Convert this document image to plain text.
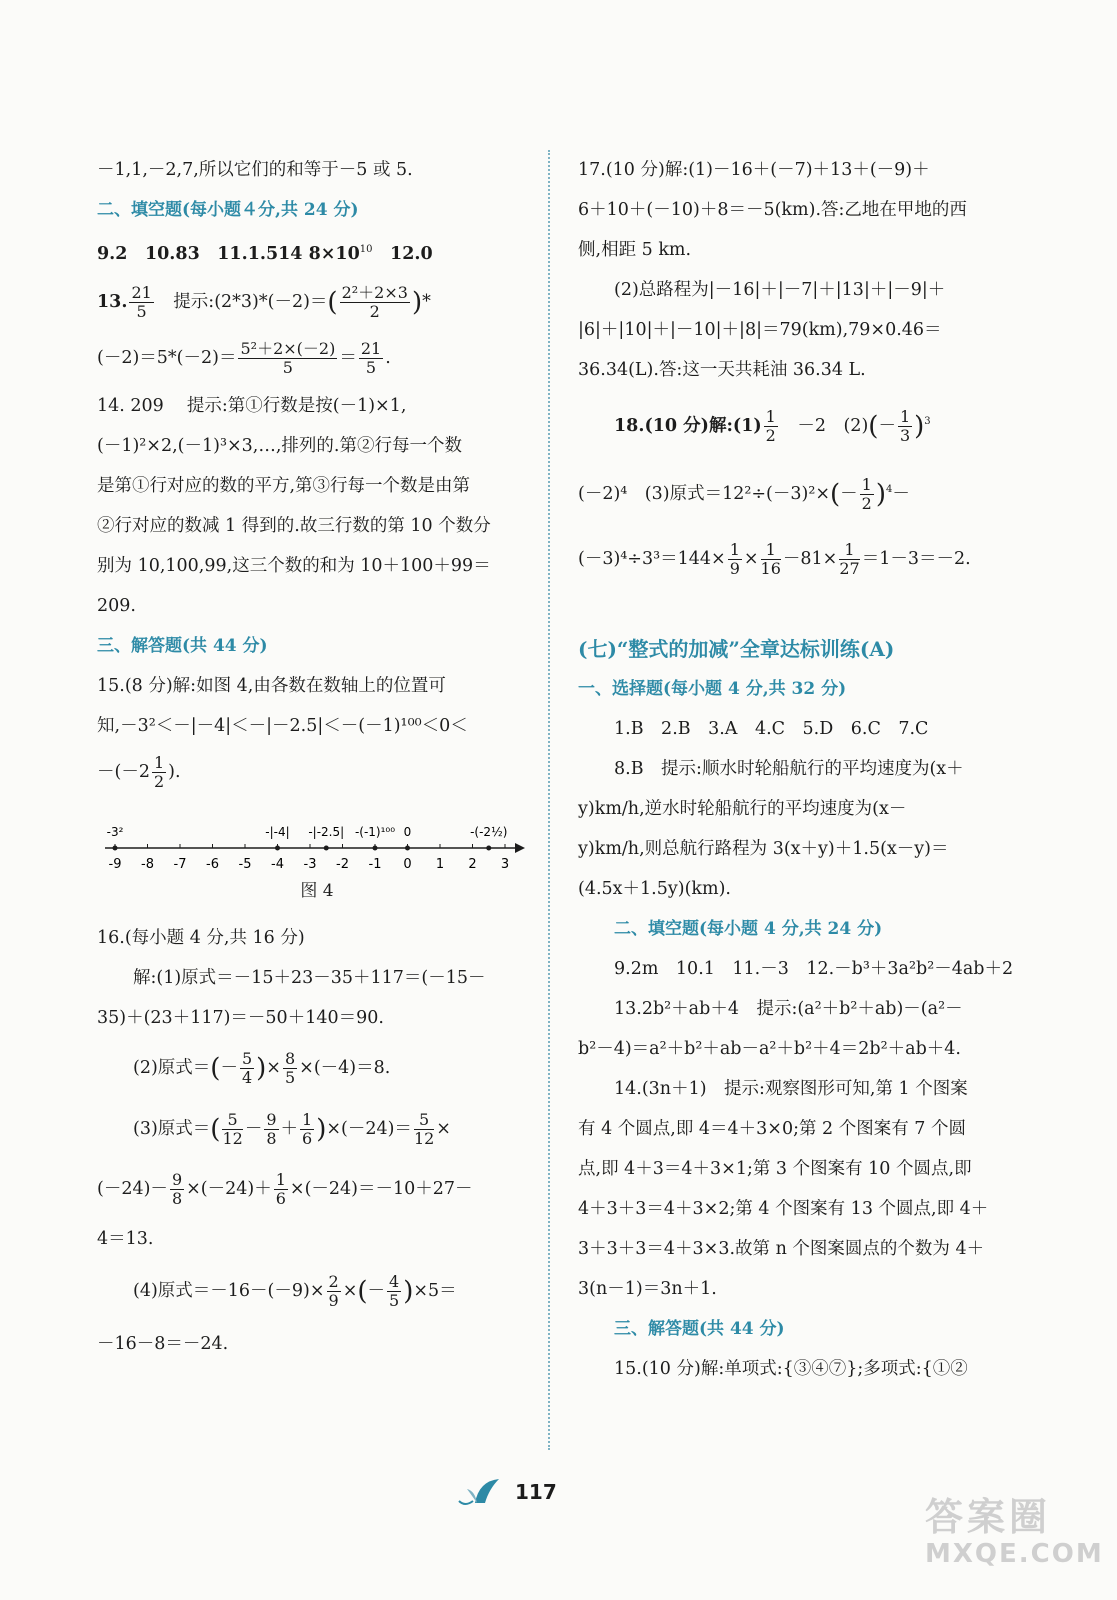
－1,1,－2,7,所以它们的和等于－5 或 5.

二、填空题(每小题４分,共 24 分)

9.2　10.83　11.1.514 $8\times 10^{10}$　12.0

13. $\frac{21}{5}$ 　提示:(2*3)*(－2)＝( $\frac{\text{2²＋2×3}}{2}$ )*

$(-2)=5*(-2)= \frac{\text{5²＋2×(－2)}}{5} = \frac{21}{5}$ .

14. 209　 提示:第①行数是按(－1)×1,

(－1)²×2,(－1)³×3,…,排列的.第②行每一个数

是第①行对应的数的平方,第③行每一个数是由第

②行对应的数减 1 得到的.故三行数的第 10 个数分

别为 10,100,99,这三个数的和为 10＋100＋99＝

209.

三、解答题(共 44 分)

15.(8 分)解:如图 4,由各数在数轴上的位置可

知,－3²＜－|－4|＜－|－2.5|＜－(－1)¹⁰⁰＜0＜

$-(-2 \frac{1}{2}$ ).

-9 -8 -7 -6 -5 -4 -3 -2 -1 0 1 2 3
-3²	-|-4| -|-2.5| -(-1)¹⁰⁰ 0	-(-2½)

图 4

16.(每小题 4 分,共 16 分)

解:(1)原式＝－15＋23－35＋117＝(－15－

35)＋(23＋117)＝－50＋140＝90.

(2)原式＝(－ $\frac{5}{4}$ )× $\frac{8}{5} \times(-4)=8$.

(3)原式＝( $\frac{5}{12} - \frac{9}{8} + \frac{1}{6} )\times(-24)= \frac{5}{12}$ ×

$(-24)- \frac{9}{8} \times(-24)+ \frac{1}{6} \times(-24)=-10+27-$

4＝13.

(4)原式$=-16-(-9)\times \frac{2}{9}$ ×(－ $\frac{4}{5} )\times 5=$

－16－8＝－24.

17.(10 分)解:(1)－16＋(－7)＋13＋(－9)＋

6＋10＋(－10)＋8＝－5(km).答:乙地在甲地的西

侧,相距 5 km.

(2)总路程为|－16|＋|－7|＋|13|＋|－9|＋

|6|＋|10|＋|－10|＋|8|＝79(km),79×0.46＝

36.34(L).答:这一天共耗油 36.34 L.

18.(10 分)解:(1) $\frac{1}{2}$ 　－2　$(2)(- \frac{1}{3} )^3$

(－2)⁴　(3)原式$=12^2\div(-3)^2\times(- \frac{1}{2} )^4-$

$(-3)^4\div 3^3=144\times \frac{1}{9} \times \frac{1}{16} -81\times \frac{1}{27} =1-3=-2$.

(七)“整式的加减”全章达标训练(A)

一、选择题(每小题 4 分,共 32 分)

1.B　2.B　3.A　4.C　5.D　6.C　7.C

8.B　提示:顺水时轮船航行的平均速度为(x＋

y)km/h,逆水时轮船航行的平均速度为(x－

y)km/h,则总航行路程为 3(x＋y)＋1.5(x－y)＝

(4.5x＋1.5y)(km).

二、填空题(每小题 4 分,共 24 分)

9.2m　10.1　11.－3　12.－b³＋3a²b²－4ab＋2

13.2b²＋ab＋4　提示:(a²＋b²＋ab)－(a²－

b²－4)＝a²＋b²＋ab－a²＋b²＋4＝2b²＋ab＋4.

14.(3n＋1)　提示:观察图形可知,第 1 个图案

有 4 个圆点,即 4＝4＋3×0;第 2 个图案有 7 个圆

点,即 4＋3＝4＋3×1;第 3 个图案有 10 个圆点,即

4＋3＋3＝4＋3×2;第 4 个图案有 13 个圆点,即 4＋

3＋3＋3＝4＋3×3.故第 n 个图案圆点的个数为 4＋

3(n－1)＝3n＋1.

三、解答题(共 44 分)

15.(10 分)解:单项式:{③④⑦};多项式:{①②

117
答案圈
MXQE.COM
